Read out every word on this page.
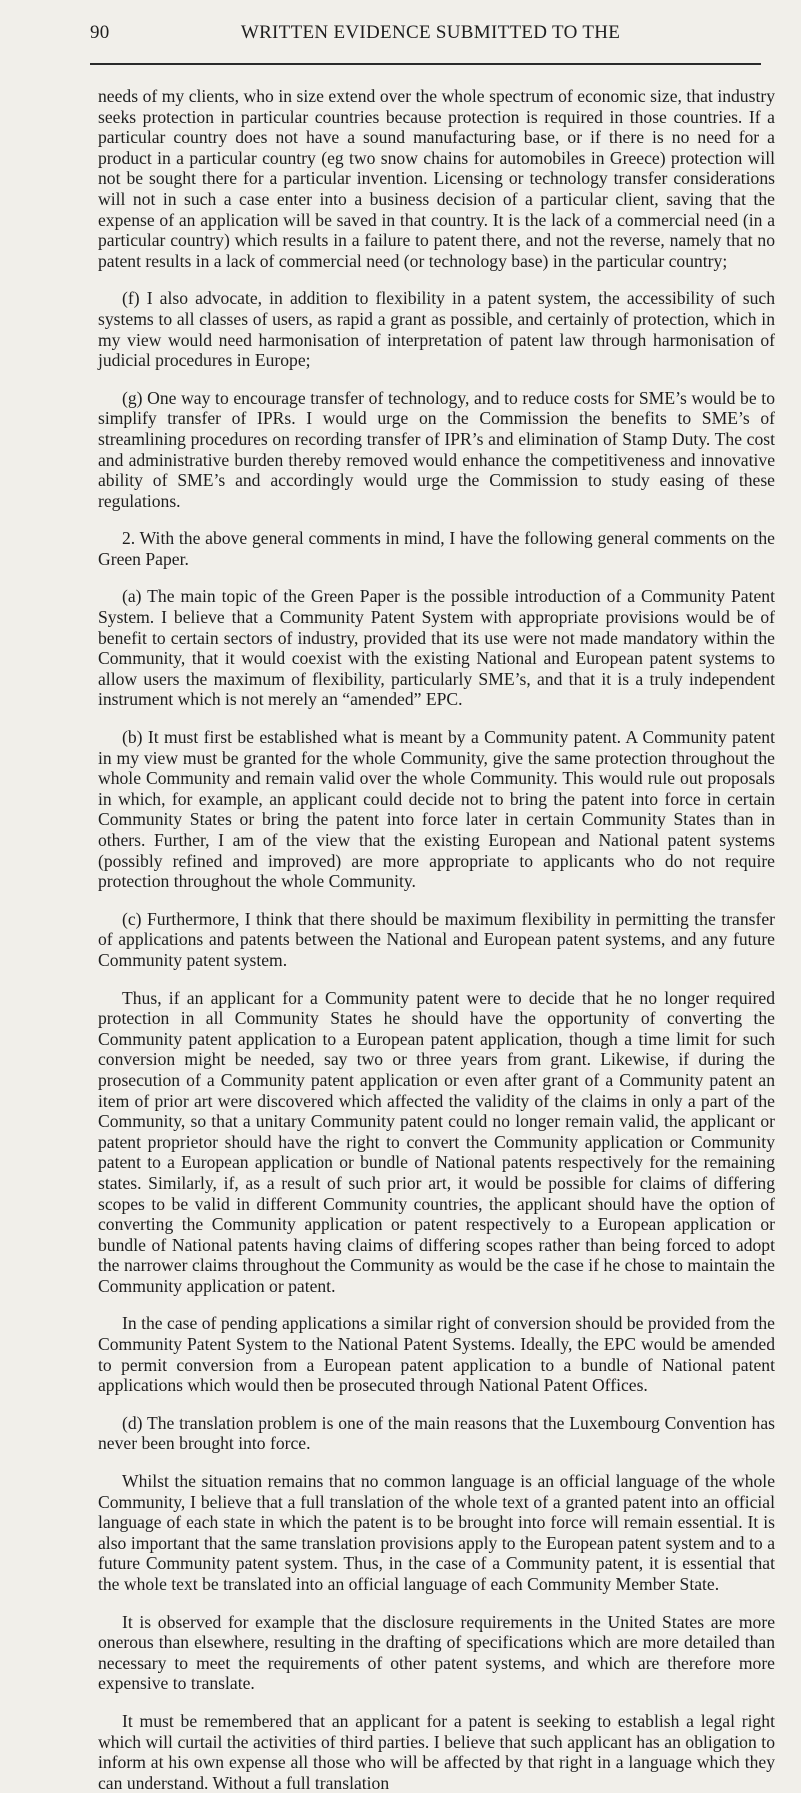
90	WRITTEN EVIDENCE SUBMITTED TO THE

needs of my clients, who in size extend over the whole spectrum of economic size, that industry seeks protection in particular countries because protection is required in those countries. If a particular country does not have a sound manufacturing base, or if there is no need for a product in a particular country (eg two snow chains for automobiles in Greece) protection will not be sought there for a particular invention. Licensing or technology transfer considerations will not in such a case enter into a business decision of a particular client, saving that the expense of an application will be saved in that country. It is the lack of a commercial need (in a particular country) which results in a failure to patent there, and not the reverse, namely that no patent results in a lack of commercial need (or technology base) in the particular country;

(f) I also advocate, in addition to flexibility in a patent system, the accessibility of such systems to all classes of users, as rapid a grant as possible, and certainly of protection, which in my view would need harmonisation of interpretation of patent law through harmonisation of judicial procedures in Europe;

(g) One way to encourage transfer of technology, and to reduce costs for SME’s would be to simplify transfer of IPRs. I would urge on the Commission the benefits to SME’s of streamlining procedures on recording transfer of IPR’s and elimination of Stamp Duty. The cost and administrative burden thereby removed would enhance the competitiveness and innovative ability of SME’s and accordingly would urge the Commission to study easing of these regulations.

2. With the above general comments in mind, I have the following general comments on the Green Paper.

(a) The main topic of the Green Paper is the possible introduction of a Community Patent System. I believe that a Community Patent System with appropriate provisions would be of benefit to certain sectors of industry, provided that its use were not made mandatory within the Community, that it would coexist with the existing National and European patent systems to allow users the maximum of flexibility, particularly SME’s, and that it is a truly independent instrument which is not merely an “amended” EPC.

(b) It must first be established what is meant by a Community patent. A Community patent in my view must be granted for the whole Community, give the same protection throughout the whole Community and remain valid over the whole Community. This would rule out proposals in which, for example, an applicant could decide not to bring the patent into force in certain Community States or bring the patent into force later in certain Community States than in others. Further, I am of the view that the existing European and National patent systems (possibly refined and improved) are more appropriate to applicants who do not require protection throughout the whole Community.

(c) Furthermore, I think that there should be maximum flexibility in permitting the transfer of applications and patents between the National and European patent systems, and any future Community patent system.

Thus, if an applicant for a Community patent were to decide that he no longer required protection in all Community States he should have the opportunity of converting the Community patent application to a European patent application, though a time limit for such conversion might be needed, say two or three years from grant. Likewise, if during the prosecution of a Community patent application or even after grant of a Community patent an item of prior art were discovered which affected the validity of the claims in only a part of the Community, so that a unitary Community patent could no longer remain valid, the applicant or patent proprietor should have the right to convert the Community application or Community patent to a European application or bundle of National patents respectively for the remaining states. Similarly, if, as a result of such prior art, it would be possible for claims of differing scopes to be valid in different Community countries, the applicant should have the option of converting the Community application or patent respectively to a European application or bundle of National patents having claims of differing scopes rather than being forced to adopt the narrower claims throughout the Community as would be the case if he chose to maintain the Community application or patent.

In the case of pending applications a similar right of conversion should be provided from the Community Patent System to the National Patent Systems. Ideally, the EPC would be amended to permit conversion from a European patent application to a bundle of National patent applications which would then be prosecuted through National Patent Offices.

(d) The translation problem is one of the main reasons that the Luxembourg Convention has never been brought into force.

Whilst the situation remains that no common language is an official language of the whole Community, I believe that a full translation of the whole text of a granted patent into an official language of each state in which the patent is to be brought into force will remain essential. It is also important that the same translation provisions apply to the European patent system and to a future Community patent system. Thus, in the case of a Community patent, it is essential that the whole text be translated into an official language of each Community Member State.

It is observed for example that the disclosure requirements in the United States are more onerous than elsewhere, resulting in the drafting of specifications which are more detailed than necessary to meet the requirements of other patent systems, and which are therefore more expensive to translate.

It must be remembered that an applicant for a patent is seeking to establish a legal right which will curtail the activities of third parties. I believe that such applicant has an obligation to inform at his own expense all those who will be affected by that right in a language which they can understand. Without a full translation
